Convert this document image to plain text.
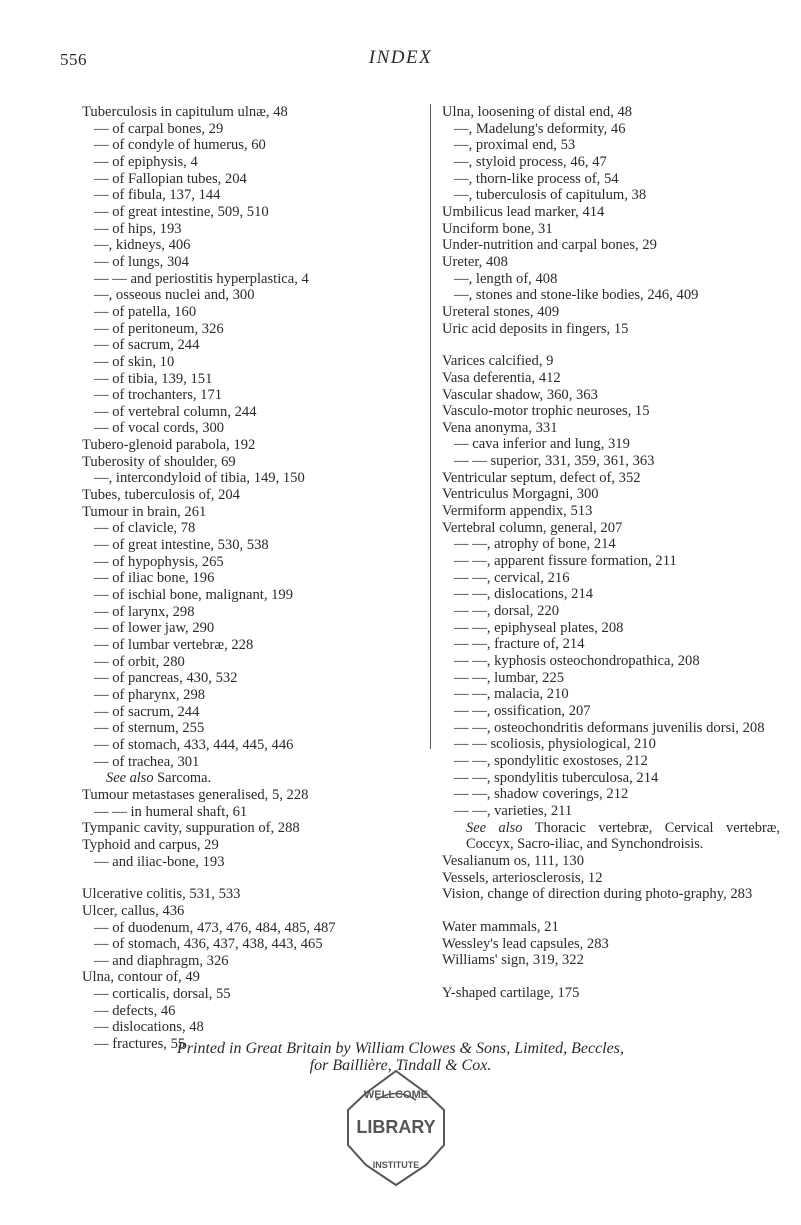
556	INDEX
Tuberculosis in capitulum ulnæ, 48
— of carpal bones, 29
— of condyle of humerus, 60
— of epiphysis, 4
— of Fallopian tubes, 204
— of fibula, 137, 144
— of great intestine, 509, 510
— of hips, 193
—, kidneys, 406
— of lungs, 304
— — and periostitis hyperplastica, 4
—, osseous nuclei and, 300
— of patella, 160
— of peritoneum, 326
— of sacrum, 244
— of skin, 10
— of tibia, 139, 151
— of trochanters, 171
— of vertebral column, 244
— of vocal cords, 300
Tubero-glenoid parabola, 192
Tuberosity of shoulder, 69
—, intercondyloid of tibia, 149, 150
Tubes, tuberculosis of, 204
Tumour in brain, 261
— of clavicle, 78
— of great intestine, 530, 538
— of hypophysis, 265
— of iliac bone, 196
— of ischial bone, malignant, 199
— of larynx, 298
— of lower jaw, 290
— of lumbar vertebræ, 228
— of orbit, 280
— of pancreas, 430, 532
— of pharynx, 298
— of sacrum, 244
— of sternum, 255
— of stomach, 433, 444, 445, 446
— of trachea, 301
See also Sarcoma.
Tumour metastases generalised, 5, 228
— — in humeral shaft, 61
Tympanic cavity, suppuration of, 288
Typhoid and carpus, 29
— and iliac-bone, 193
Ulcerative colitis, 531, 533
Ulcer, callus, 436
— of duodenum, 473, 476, 484, 485, 487
— of stomach, 436, 437, 438, 443, 465
— and diaphragm, 326
Ulna, contour of, 49
— corticalis, dorsal, 55
— defects, 46
— dislocations, 48
— fractures, 55
Ulna, loosening of distal end, 48
—, Madelung's deformity, 46
—, proximal end, 53
—, styloid process, 46, 47
—, thorn-like process of, 54
—, tuberculosis of capitulum, 38
Umbilicus lead marker, 414
Unciform bone, 31
Under-nutrition and carpal bones, 29
Ureter, 408
—, length of, 408
—, stones and stone-like bodies, 246, 409
Ureteral stones, 409
Uric acid deposits in fingers, 15
Varices calcified, 9
Vasa deferentia, 412
Vascular shadow, 360, 363
Vasculo-motor trophic neuroses, 15
Vena anonyma, 331
— cava inferior and lung, 319
— — superior, 331, 359, 361, 363
Ventricular septum, defect of, 352
Ventriculus Morgagni, 300
Vermiform appendix, 513
Vertebral column, general, 207
— —, atrophy of bone, 214
— —, apparent fissure formation, 211
— —, cervical, 216
— —, dislocations, 214
— —, dorsal, 220
— —, epiphyseal plates, 208
— —, fracture of, 214
— —, kyphosis osteochondropathica, 208
— —, lumbar, 225
— —, malacia, 210
— —, ossification, 207
— —, osteochondritis deformans juvenilis dorsi, 208
— — scoliosis, physiological, 210
— —, spondylitic exostoses, 212
— —, spondylitis tuberculosa, 214
— —, shadow coverings, 212
— —, varieties, 211
See also Thoracic vertebræ, Cervical vertebræ, Coccyx, Sacro-iliac, and Synchondroisis.
Vesalianum os, 111, 130
Vessels, arteriosclerosis, 12
Vision, change of direction during photo-graphy, 283
Water mammals, 21
Wessley's lead capsules, 283
Williams' sign, 319, 322
Y-shaped cartilage, 175
Printed in Great Britain by William Clowes & Sons, Limited, Beccles,
for Baillière, Tindall & Cox.
WELLCOME
LIBRARY
INSTITUTE
